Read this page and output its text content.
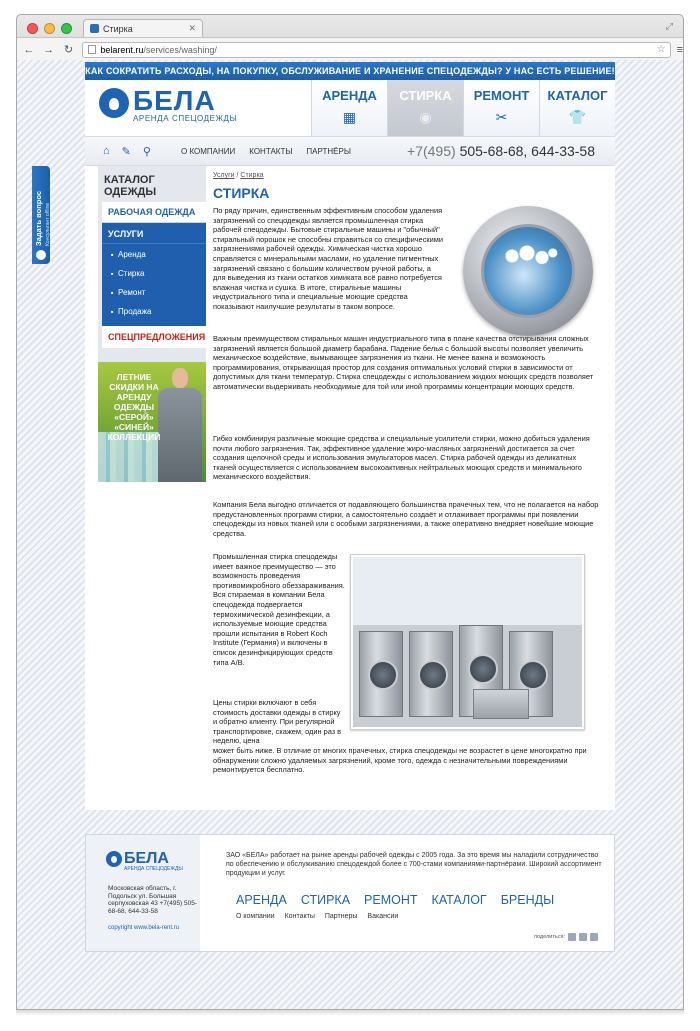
Стирка	✕	⤢
← → ↻	belarent.ru /services/washing/	☆ ≡
КАК СОКРАТИТЬ РАСХОДЫ, НА ПОКУПКУ, ОБСЛУЖИВАНИЕ И ХРАНЕНИЕ СПЕЦОДЕЖДЫ? У НАС ЕСТЬ РЕШЕНИЕ!
БЕЛА
АРЕНДА СПЕЦОДЕЖДЫ
АРЕНДА
▦
СТИРКА
◉
РЕМОНТ
✂
КАТАЛОГ
👕
⌂ ✎ ⚲	О КОМПАНИИ КОНТАКТЫ ПАРТНЁРЫ	+7(495) 505-68-68, 644-33-58
Задать вопрос Консультант offline
КАТАЛОГ ОДЕЖДЫ
РАБОЧАЯ ОДЕЖДА
УСЛУГИ
■ Аренда
■ Стирка
■ Ремонт
■ Продажа
СПЕЦПРЕДЛОЖЕНИЯ
ЛЕТНИЕ СКИДКИ НА АРЕНДУ ОДЕЖДЫ «СЕРОЙ» «СИНЕЙ» КОЛЛЕКЦИЙ
Услуги / Стирка
СТИРКА

По ряду причин, единственным эффективным способом удаления загрязнений со спецодежды является промышленная стирка рабочей спецодежды. Бытовые стиральные машины и "обычный" стиральный порошок не способны справиться со специфическими загрязнениями рабочей одежды. Химическая чистка хорошо справляется с минеральными маслами, но удаление пигментных загрязнений связано с большим количеством ручной работы, а для выведения из ткани остатков химиката всё равно потребуется влажная чистка и сушка. В итоге, стиральные машины индустриального типа и специальные моющие средства показывают наилучшие результаты в таком вопросе.

Важным преимуществом стиральных машин индустриального типа в плане качества отстирывания сложных загрязнений является большой диаметр барабана. Падение белья с большой высоты позволяет увеличить механическое воздействие, вымывающее загрязнения из ткани. Не менее важна и возможность программирования, открывающая простор для создания оптимальных условий стирки в зависимости от допустимых для ткани температур. Стирка спецодежды с использованием жидких моющих средств позволяет автоматически выдерживать необходимые для той или иной программы концентрации моющих средств.

Гибко комбинируя различные моющие средства и специальные усилители стирки, можно добиться удаления почти любого загрязнения. Так, эффективное удаление жиро-масляных загрязнений достигается за счет создания щелочной среды и использования эмульгаторов масел. Стирка рабочей одежды из деликатных тканей осуществляется с использованием высокоактивных нейтральных моющих средств и минимального механического воздействия.

Компания Бела выгодно отличается от подавляющего большинства прачечных тем, что не полагается на набор предустановленных программ стирки, а самостоятельно создаёт и отлаживает программы при появлении спецодежды из новых тканей или с особыми загрязнениями, а также оперативно внедряет новейшие моющие средства.

Промышленная стирка спецодежды имеет важное преимущество — это возможность проведения противомикробного обеззараживания. Вся стираемая в компании Бела спецодежда подвергается термохимической дезинфекции, а используемые моющие средства прошли испытания в Robert Koch Institute (Германия) и включены в список дезинфицирующих средств типа A/B.

Цены стирки включают в себя стоимость доставки одежды в стирку и обратно клиенту. При регулярной транспортировке, скажем, один раз в неделю, цена
может быть ниже. В отличие от многих прачечных, стирка спецодежды не возрастет в цене многократно при обнаружении сложно удаляемых загрязнений, кроме того, одежда с незначительными повреждениями ремонтируется бесплатно.
БЕЛА
АРЕНДА СПЕЦОДЕЖДЫ
Московская область, г. Подольск ул. Большая серпуховская 43 +7(495) 505-68-68, 644-33-58
copyright www.bela-rent.ru
ЗАО «БЕЛА» работает на рынке аренды рабочей одежды с 2005 года. За это время мы наладили сотрудничество по обеспечению и обслуживанию спецодеждой более с 700-стами компаниями-партнёрами. Широкий ассортимент продукции и услуг.
АРЕНДА СТИРКА РЕМОНТ КАТАЛОГ БРЕНДЫ
О компании Контакты Партнеры Вакансии
поделиться:
